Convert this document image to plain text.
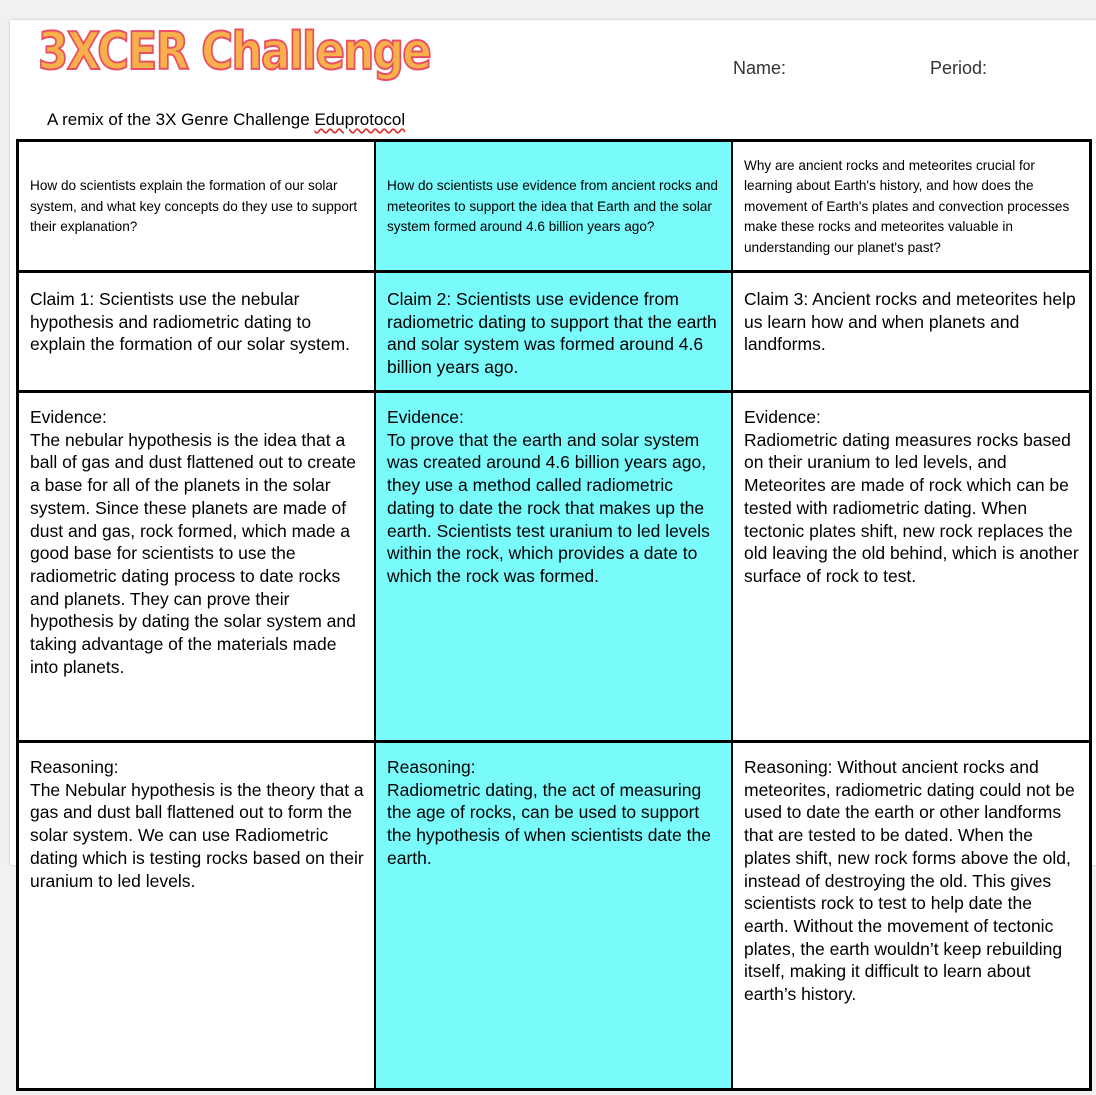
3XCER Challenge
A remix of the 3X Genre Challenge Eduprotocol
Name:	Period:
How do scientists explain the formation of our solar system, and what key concepts do they use to support their explanation?
How do scientists use evidence from ancient rocks and meteorites to support the idea that Earth and the solar system formed around 4.6 billion years ago?
Why are ancient rocks and meteorites crucial for learning about Earth's history, and how does the movement of Earth's plates and convection processes make these rocks and meteorites valuable in understanding our planet's past?
Claim 1: Scientists use the nebular hypothesis and radiometric dating to explain the formation of our solar system.
Claim 2: Scientists use evidence from radiometric dating to support that the earth and solar system was formed around 4.6 billion years ago.
Claim 3: Ancient rocks and meteorites help us learn how and when planets and landforms.
Evidence:
The nebular hypothesis is the idea that a ball of gas and dust flattened out to create a base for all of the planets in the solar system. Since these planets are made of dust and gas, rock formed, which made a good base for scientists to use the radiometric dating process to date rocks and planets. They can prove their hypothesis by dating the solar system and taking advantage of the materials made into planets.
Evidence:
To prove that the earth and solar system was created around 4.6 billion years ago, they use a method called radiometric dating to date the rock that makes up the earth. Scientists test uranium to led levels within the rock, which provides a date to which the rock was formed.
Evidence:
Radiometric dating measures rocks based on their uranium to led levels, and Meteorites are made of rock which can be tested with radiometric dating. When tectonic plates shift, new rock replaces the old leaving the old behind, which is another surface of rock to test.
Reasoning:
The Nebular hypothesis is the theory that a gas and dust ball flattened out to form the solar system. We can use Radiometric dating which is testing rocks based on their uranium to led levels.
Reasoning:
Radiometric dating, the act of measuring the age of rocks, can be used to support the hypothesis of when scientists date the earth.
Reasoning: Without ancient rocks and meteorites, radiometric dating could not be used to date the earth or other landforms that are tested to be dated. When the plates shift, new rock forms above the old, instead of destroying the old. This gives scientists rock to test to help date the earth. Without the movement of tectonic plates, the earth wouldn’t keep rebuilding itself, making it difficult to learn about earth’s history.
